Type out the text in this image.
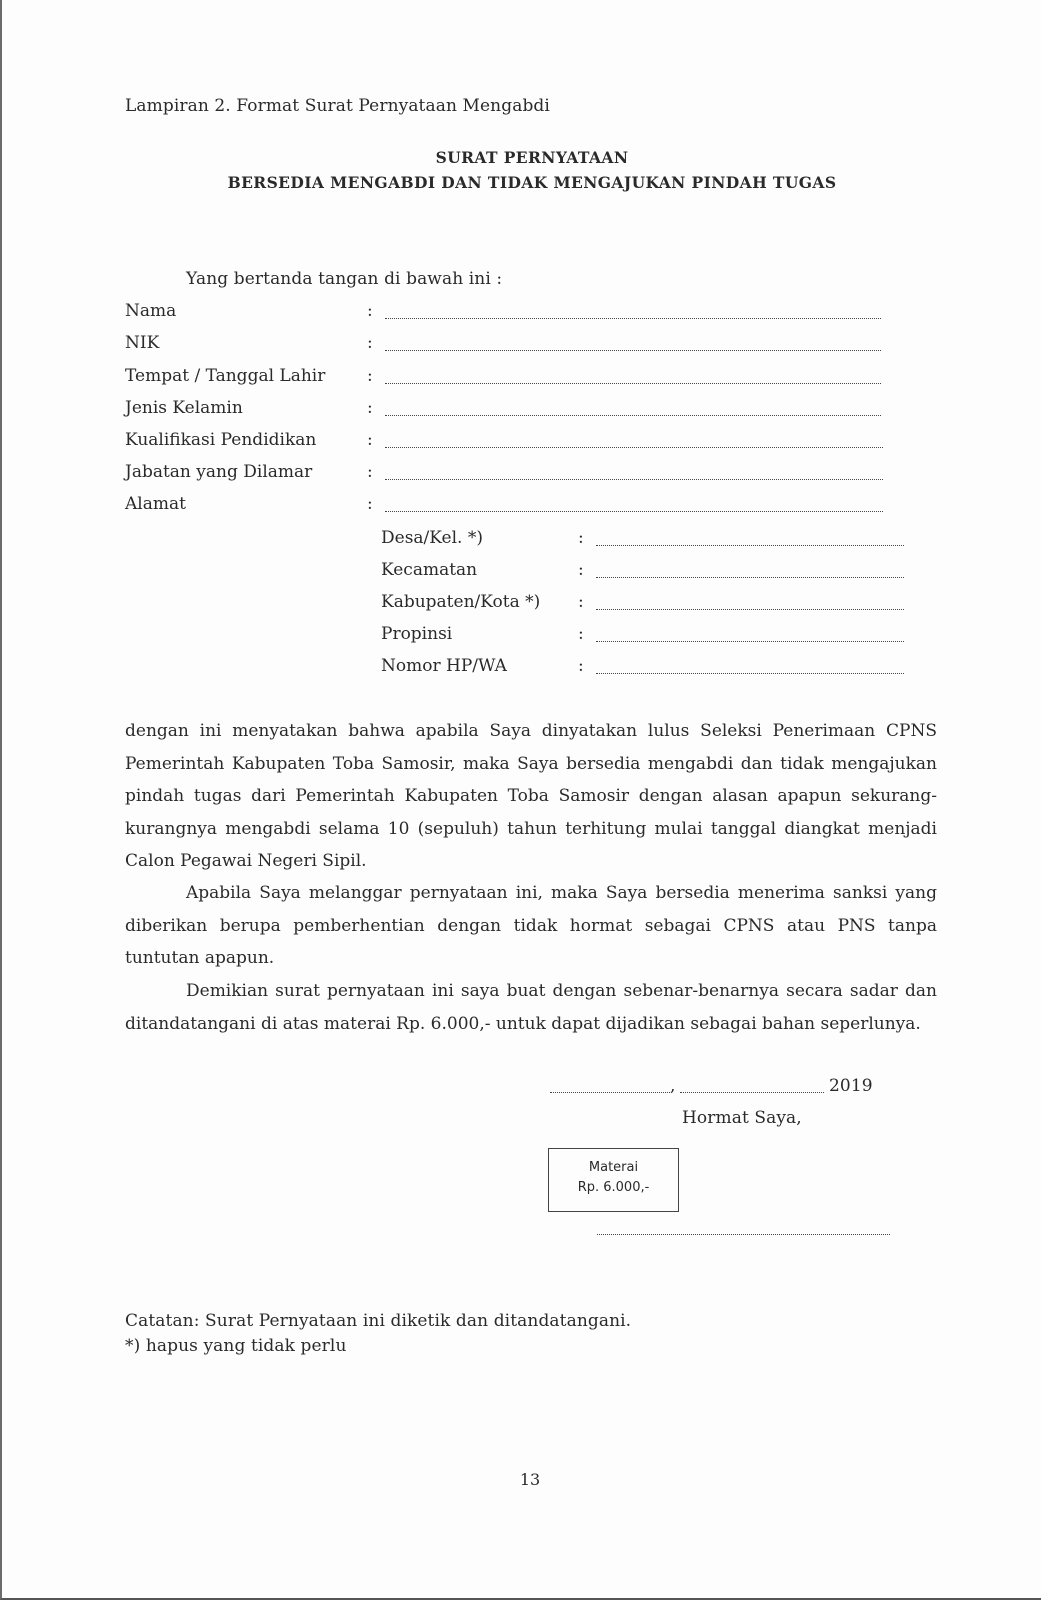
Lampiran 2. Format Surat Pernyataan Mengabdi
SURAT PERNYATAAN
BERSEDIA MENGABDI DAN TIDAK MENGAJUKAN PINDAH TUGAS
Yang bertanda tangan di bawah ini :
Nama	:
NIK	:
Tempat / Tanggal Lahir :
Jenis Kelamin	:
Kualifikasi Pendidikan	:
Jabatan yang Dilamar	:
Alamat	:
Desa/Kel. *)	:
Kecamatan	:
Kabupaten/Kota *) :
Propinsi	:
Nomor HP/WA	:
dengan ini menyatakan bahwa apabila Saya dinyatakan lulus Seleksi Penerimaan CPNS Pemerintah Kabupaten Toba Samosir, maka Saya bersedia mengabdi dan tidak mengajukan pindah tugas dari Pemerintah Kabupaten Toba Samosir dengan alasan apapun sekurang-kurangnya mengabdi selama 10 (sepuluh) tahun terhitung mulai tanggal diangkat menjadi Calon Pegawai Negeri Sipil.
Apabila Saya melanggar pernyataan ini, maka Saya bersedia menerima sanksi yang diberikan berupa pemberhentian dengan tidak hormat sebagai CPNS atau PNS tanpa tuntutan apapun.
Demikian surat pernyataan ini saya buat dengan sebenar-benarnya secara sadar dan ditandatangani di atas materai Rp. 6.000,- untuk dapat dijadikan sebagai bahan seperlunya.
,	2019
Hormat Saya,
Materai
Rp. 6.000,-
Catatan: Surat Pernyataan ini diketik dan ditandatangani.
*) hapus yang tidak perlu
13
